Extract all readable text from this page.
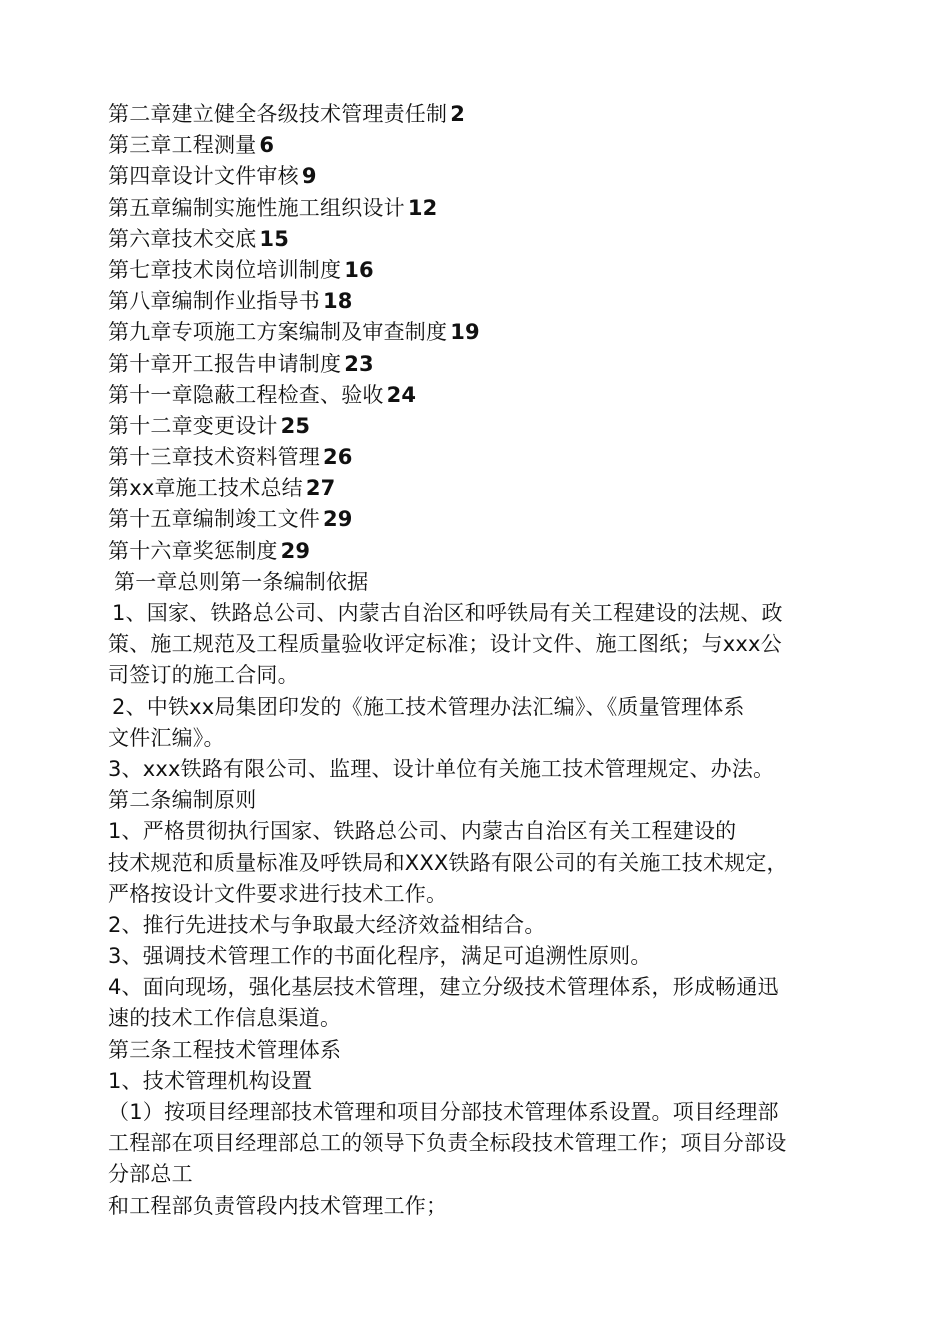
第二章建立健全各级技术管理责任制 2
第三章工程测量 6
第四章设计文件审核 9
第五章编制实施性施工组织设计 12
第六章技术交底 15
第七章技术岗位培训制度 16
第八章编制作业指导书 18
第九章专项施工方案编制及审查制度 19
第十章开工报告申请制度 23
第十一章隐蔽工程检查、验收 24
第十二章变更设计 25
第十三章技术资料管理 26
第xx章施工技术总结 27
第十五章编制竣工文件 29
第十六章奖惩制度 29
第一章总则第一条编制依据
1、国家、铁路总公司、内蒙古自治区和呼铁局有关工程建设的法规、政
策、施工规范及工程质量验收评定标准；设计文件、施工图纸；与xxx公
司签订的施工合同。
2、中铁xx局集团印发的《施工技术管理办法汇编》、《质量管理体系
文件汇编》。
3、xxx铁路有限公司、监理、设计单位有关施工技术管理规定、办法。
第二条编制原则
1、严格贯彻执行国家、铁路总公司、内蒙古自治区有关工程建设的
技术规范和质量标准及呼铁局和XXX铁路有限公司的有关施工技术规定，
严格按设计文件要求进行技术工作。
2、推行先进技术与争取最大经济效益相结合。
3、强调技术管理工作的书面化程序，满足可追溯性原则。
4、面向现场，强化基层技术管理，建立分级技术管理体系，形成畅通迅
速的技术工作信息渠道。
第三条工程技术管理体系
1、技术管理机构设置
（1）按项目经理部技术管理和项目分部技术管理体系设置。项目经理部
工程部在项目经理部总工的领导下负责全标段技术管理工作；项目分部设
分部总工
和工程部负责管段内技术管理工作；
